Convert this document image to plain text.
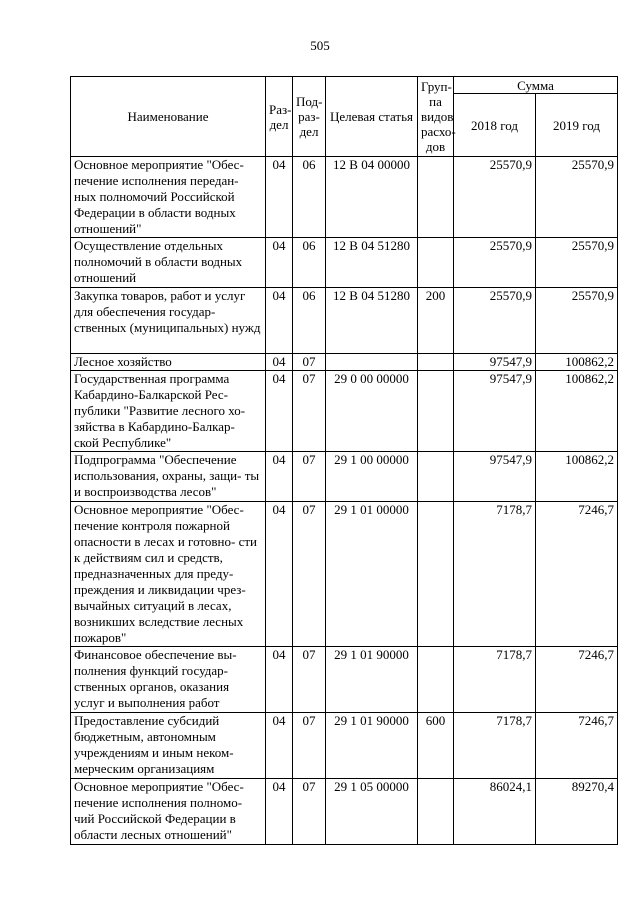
505
Наименование	Раз- дел	Под- раз- дел	Целевая статья	Груп- па видов расхо- дов	Сумма	
					2018 год	2019 год
Основное мероприятие "Обес- печение исполнения передан- ных полномочий Российской Федерации в области водных отношений"	04	06	12 В 04 00000		25570,9	25570,9
Осуществление отдельных полномочий в области водных отношений	04	06	12 В 04 51280		25570,9	25570,9
Закупка товаров, работ и услуг для обеспечения государ- ственных (муниципальных) нужд	04	06	12 В 04 51280	200	25570,9	25570,9
Лесное хозяйство	04	07			97547,9	100862,2
Государственная программа Кабардино-Балкарской Рес- публики "Развитие лесного хо- зяйства в Кабардино-Балкар- ской Республике"	04	07	29 0 00 00000		97547,9	100862,2
Подпрограмма "Обеспечение использования, охраны, защи- ты и воспроизводства лесов"	04	07	29 1 00 00000		97547,9	100862,2
Основное мероприятие "Обес- печение контроля пожарной опасности в лесах и готовно- сти к действиям сил и средств, предназначенных для преду- преждения и ликвидации чрез- вычайных ситуаций в лесах, возникших вследствие лесных пожаров"	04	07	29 1 01 00000		7178,7	7246,7
Финансовое обеспечение вы- полнения функций государ- ственных органов, оказания услуг и выполнения работ	04	07	29 1 01 90000		7178,7	7246,7
Предоставление субсидий бюджетным, автономным учреждениям и иным неком- мерческим организациям	04	07	29 1 01 90000	600	7178,7	7246,7
Основное мероприятие "Обес- печение исполнения полномо- чий Российской Федерации в области лесных отношений"	04	07	29 1 05 00000		86024,1	89270,4
